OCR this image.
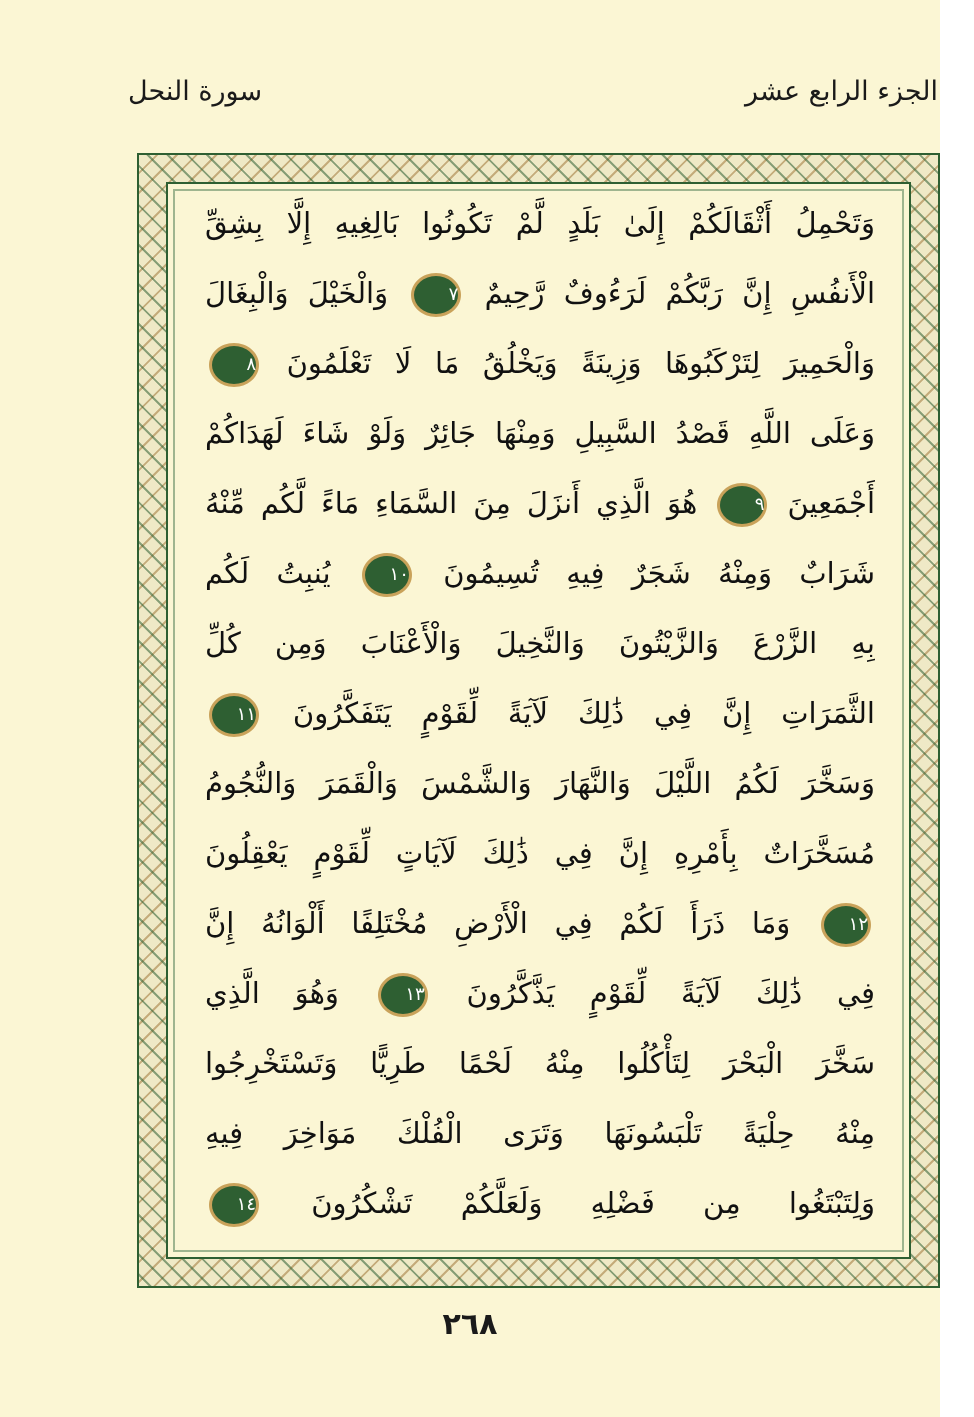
سورة النحل	الجزء الرابع عشر
وَتَحْمِلُ أَثْقَالَكُمْ إِلَىٰ بَلَدٍ لَّمْ تَكُونُوا بَالِغِيهِ إِلَّا بِشِقِّ
الْأَنفُسِ إِنَّ رَبَّكُمْ لَرَءُوفٌ رَّحِيمٌ ٧ وَالْخَيْلَ وَالْبِغَالَ
وَالْحَمِيرَ لِتَرْكَبُوهَا وَزِينَةً وَيَخْلُقُ مَا لَا تَعْلَمُونَ ٨
وَعَلَى اللَّهِ قَصْدُ السَّبِيلِ وَمِنْهَا جَائِرٌ وَلَوْ شَاءَ لَهَدَاكُمْ
أَجْمَعِينَ ٩ هُوَ الَّذِي أَنزَلَ مِنَ السَّمَاءِ مَاءً لَّكُم مِّنْهُ
شَرَابٌ وَمِنْهُ شَجَرٌ فِيهِ تُسِيمُونَ ١٠ يُنبِتُ لَكُم
بِهِ الزَّرْعَ وَالزَّيْتُونَ وَالنَّخِيلَ وَالْأَعْنَابَ وَمِن كُلِّ
الثَّمَرَاتِ إِنَّ فِي ذَٰلِكَ لَآيَةً لِّقَوْمٍ يَتَفَكَّرُونَ ١١
وَسَخَّرَ لَكُمُ اللَّيْلَ وَالنَّهَارَ وَالشَّمْسَ وَالْقَمَرَ وَالنُّجُومُ
مُسَخَّرَاتٌ بِأَمْرِهِ إِنَّ فِي ذَٰلِكَ لَآيَاتٍ لِّقَوْمٍ يَعْقِلُونَ
١٢ وَمَا ذَرَأَ لَكُمْ فِي الْأَرْضِ مُخْتَلِفًا أَلْوَانُهُ إِنَّ
فِي ذَٰلِكَ لَآيَةً لِّقَوْمٍ يَذَّكَّرُونَ ١٣ وَهُوَ الَّذِي
سَخَّرَ الْبَحْرَ لِتَأْكُلُوا مِنْهُ لَحْمًا طَرِيًّا وَتَسْتَخْرِجُوا
مِنْهُ حِلْيَةً تَلْبَسُونَهَا وَتَرَى الْفُلْكَ مَوَاخِرَ فِيهِ
وَلِتَبْتَغُوا مِن فَضْلِهِ وَلَعَلَّكُمْ تَشْكُرُونَ ١٤
٢٦٨
